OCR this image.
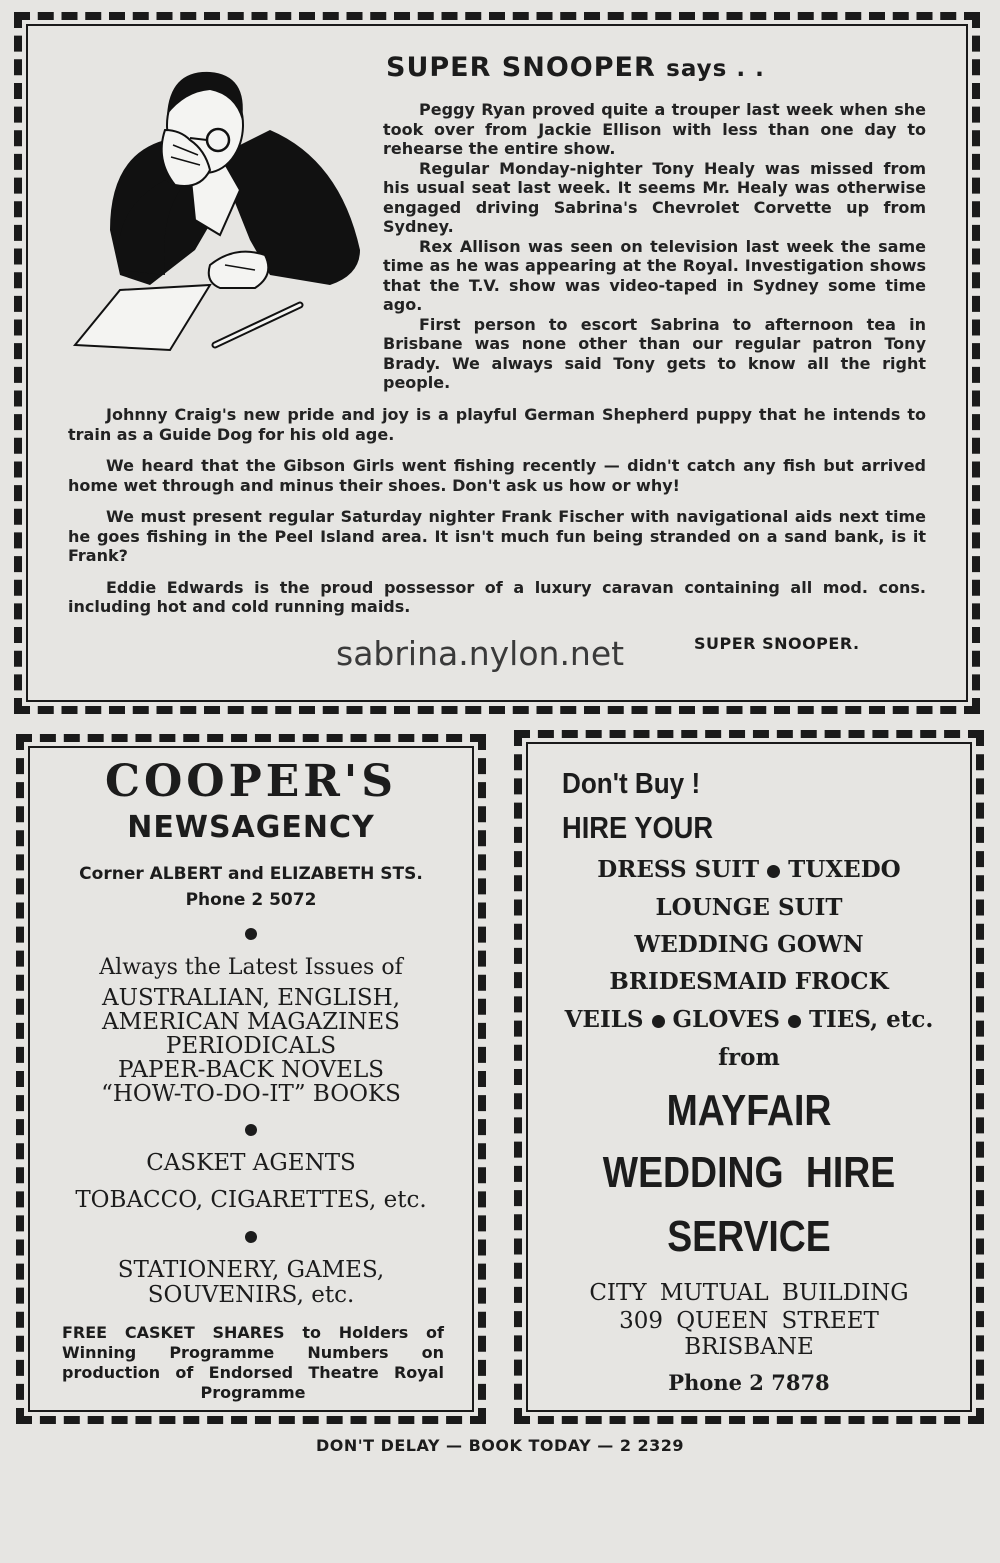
SUPER SNOOPER says . .

Peggy Ryan proved quite a trouper last week when she took over from Jackie Ellison with less than one day to rehearse the entire show.

Regular Monday-nighter Tony Healy was missed from his usual seat last week. It seems Mr. Healy was otherwise engaged driving Sabrina's Chevrolet Corvette up from Sydney.

Rex Allison was seen on television last week the same time as he was appearing at the Royal. Investigation shows that the T.V. show was video-taped in Sydney some time ago.

First person to escort Sabrina to afternoon tea in Brisbane was none other than our regular patron Tony Brady. We always said Tony gets to know all the right people.

Johnny Craig's new pride and joy is a playful German Shepherd puppy that he intends to train as a Guide Dog for his old age.

We heard that the Gibson Girls went fishing recently — didn't catch any fish but arrived home wet through and minus their shoes. Don't ask us how or why!

We must present regular Saturday nighter Frank Fischer with navigational aids next time he goes fishing in the Peel Island area. It isn't much fun being stranded on a sand bank, is it Frank?

Eddie Edwards is the proud possessor of a luxury caravan containing all mod. cons. including hot and cold running maids.

sabrina.nylon.net	SUPER SNOOPER.
COOPER'S
NEWSAGENCY
Corner ALBERT and ELIZABETH STS.
Phone 2 5072
Always the Latest Issues of
AUSTRALIAN, ENGLISH,
AMERICAN MAGAZINES
PERIODICALS
PAPER-BACK NOVELS
“HOW-TO-DO-IT” BOOKS
CASKET AGENTS
TOBACCO, CIGARETTES, etc.
STATIONERY, GAMES,
SOUVENIRS, etc.
FREE CASKET SHARES to Holders of Winning Programme Numbers on production of Endorsed Theatre Royal Programme
Don't Buy !
HIRE YOUR
DRESS SUIT TUXEDO
LOUNGE SUIT
WEDDING GOWN
BRIDESMAID FROCK
VEILS GLOVES TIES, etc.
from
MAYFAIR
WEDDING HIRE
SERVICE
CITY MUTUAL BUILDING
309 QUEEN STREET
BRISBANE
Phone 2 7878
DON'T DELAY — BOOK TODAY — 2 2329
